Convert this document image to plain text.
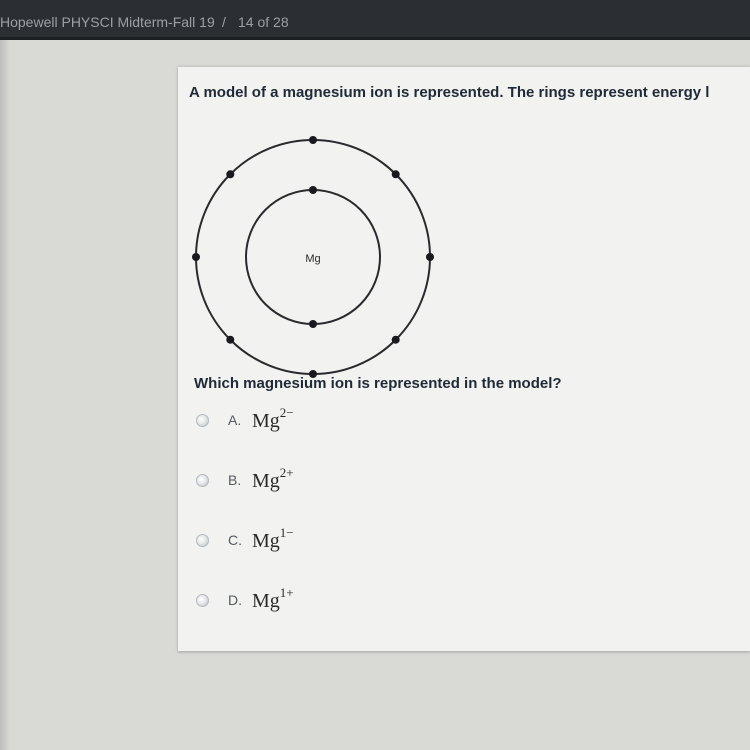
Hopewell PHYSCI Midterm-Fall 19 / 14 of 28
A model of a magnesium ion is represented. The rings represent energy l
Mg
Which magnesium ion is represented in the model?
A. $Mg^{2-}$
B. $Mg^{2+}$
C. $Mg^{1-}$
D. $Mg^{1+}$
